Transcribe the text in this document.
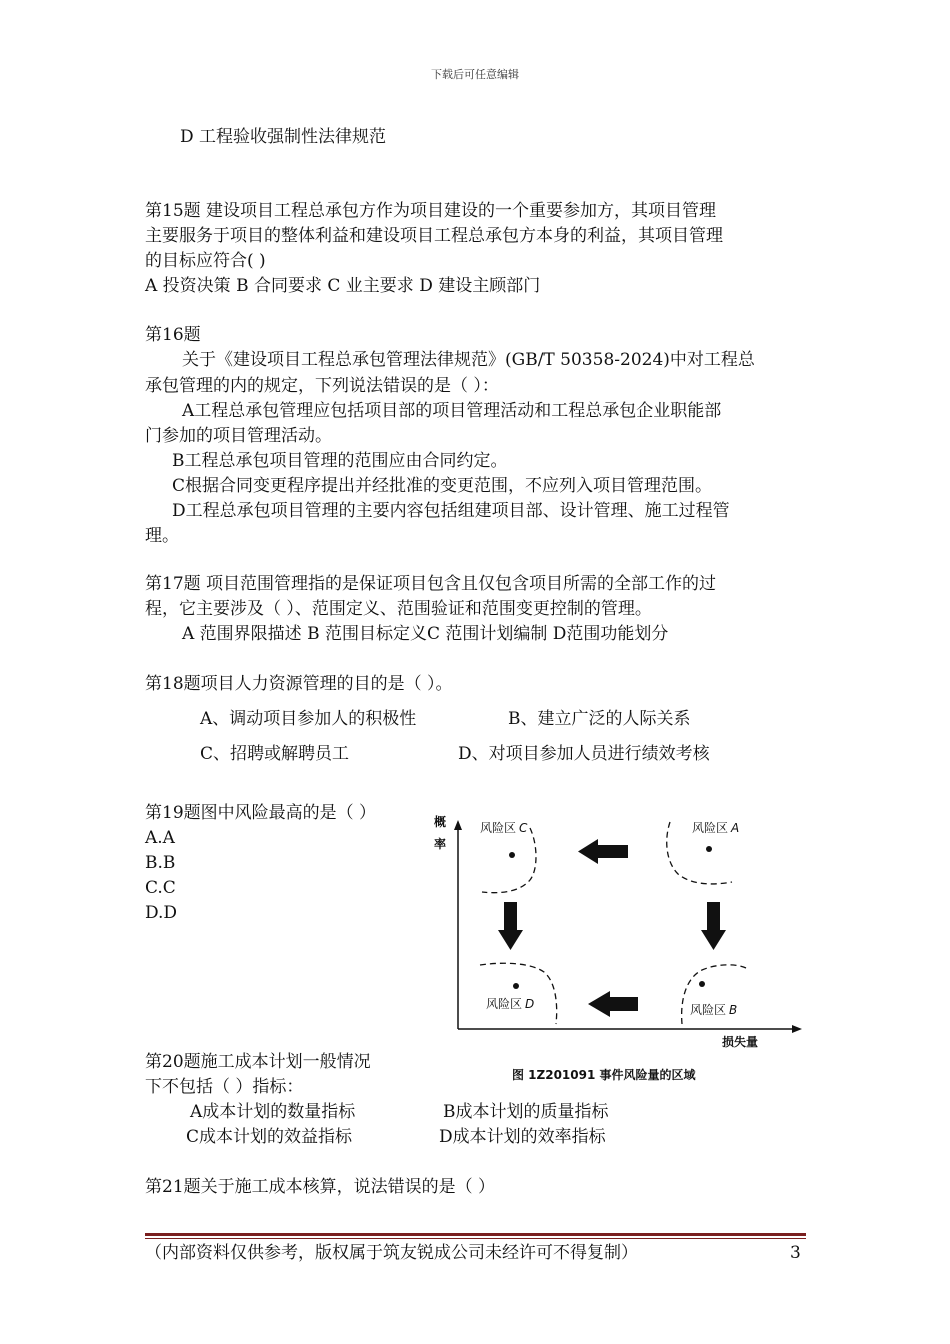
下载后可任意编辑
D 工程验收强制性法律规范
第15题 建设项目工程总承包方作为项目建设的一个重要参加方，其项目管理
主要服务于项目的整体利益和建设项目工程总承包方本身的利益，其项目管理
的目标应符合( )
A 投资决策 B 合同要求 C 业主要求 D 建设主顾部门
第16题
关于《建设项目工程总承包管理法律规范》(GB/T 50358-2024)中对工程总
承包管理的内的规定，下列说法错误的是（ ）：
A工程总承包管理应包括项目部的项目管理活动和工程总承包企业职能部
门参加的项目管理活动。
B工程总承包项目管理的范围应由合同约定。
C根据合同变更程序提出并经批准的变更范围，不应列入项目管理范围。
D工程总承包项目管理的主要内容包括组建项目部、设计管理、施工过程管
理。
第17题 项目范围管理指的是保证项目包含且仅包含项目所需的全部工作的过
程，它主要涉及（ ）、范围定义、范围验证和范围变更控制的管理。
A 范围界限描述 B 范围目标定义C 范围计划编制 D范围功能划分
第18题项目人力资源管理的目的是（ ）。
A、调动项目参加人的积极性	B、建立广泛的人际关系
C、招聘或解聘员工	D、对项目参加人员进行绩效考核
第19题图中风险最高的是（ ）
A.A
B.B
C.C
D.D
概
率
损失量
风险区 C	风险区 A
风险区 D	风险区 B
图 1Z201091 事件风险量的区域
第20题施工成本计划一般情况
下不包括（ ）指标：
A成本计划的数量指标	B成本计划的质量指标
C成本计划的效益指标	D成本计划的效率指标
第21题关于施工成本核算，说法错误的是（ ）
（内部资料仅供参考，版权属于筑友锐成公司未经许可不得复制）	3
